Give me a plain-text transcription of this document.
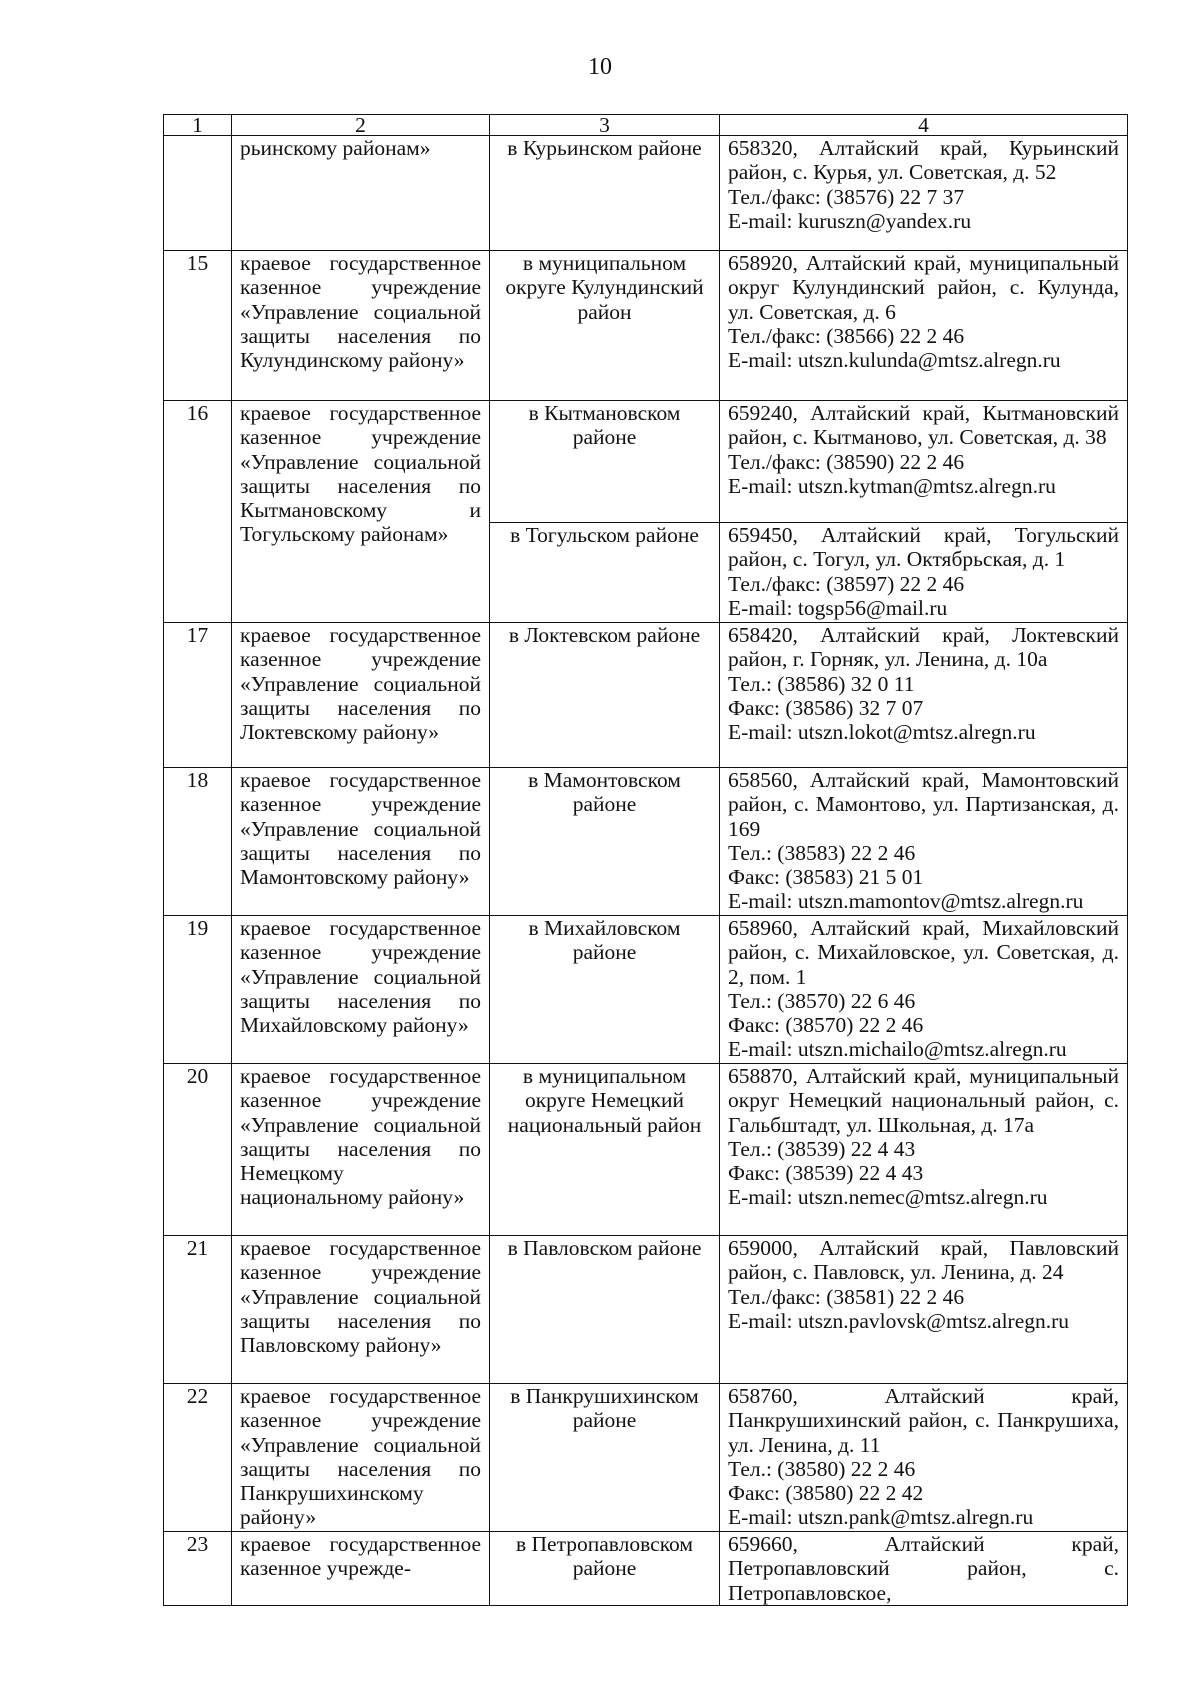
10
1	2	3	4
	рьинскому районам»	в Курьинском районе	658320, Алтайский край, Курьинский район, с. Курья, ул. Советская, д. 52
Тел./факс: (38576) 22 7 37
E-mail: kuruszn@yandex.ru

15	краевое государственное казенное учреждение «Управление социальной защиты населения по Кулундинскому району»	в муниципальном округе Кулундинский район	658920, Алтайский край, муниципальный округ Кулундинский район, с. Кулунда, ул. Советская, д. 6
Тел./факс: (38566) 22 2 46
E-mail: utszn.kulunda@mtsz.alregn.ru

16	краевое государственное казенное учреждение «Управление социальной защиты населения по Кытмановскому и Тогульскому районам»	в Кытмановском районе	659240, Алтайский край, Кытмановский район, с. Кытманово, ул. Советская, д. 38
Тел./факс: (38590) 22 2 46
E-mail: utszn.kytman@mtsz.alregn.ru

		в Тогульском районе	659450, Алтайский край, Тогульский район, с. Тогул, ул. Октябрьская, д. 1
Тел./факс: (38597) 22 2 46
E-mail: togsp56@mail.ru

17	краевое государственное казенное учреждение «Управление социальной защиты населения по Локтевскому району»	в Локтевском районе	658420, Алтайский край, Локтевский район, г. Горняк, ул. Ленина, д. 10а
Тел.: (38586) 32 0 11
Факс: (38586) 32 7 07
E-mail: utszn.lokot@mtsz.alregn.ru

18	краевое государственное казенное учреждение «Управление социальной защиты населения по Мамонтовскому району»	в Мамонтовском районе	658560, Алтайский край, Мамонтовский район, с. Мамонтово, ул. Партизанская, д. 169
Тел.: (38583) 22 2 46
Факс: (38583) 21 5 01
E-mail: utszn.mamontov@mtsz.alregn.ru

19	краевое государственное казенное учреждение «Управление социальной защиты населения по Михайловскому району»	в Михайловском районе	658960, Алтайский край, Михайловский район, с. Михайловское, ул. Советская, д. 2, пом. 1
Тел.: (38570) 22 6 46
Факс: (38570) 22 2 46
E-mail: utszn.michailo@mtsz.alregn.ru

20	краевое государственное казенное учреждение «Управление социальной защиты населения по Немецкому национальному району»	в муниципальном округе Немецкий национальный район	658870, Алтайский край, муниципальный округ Немецкий национальный район, с. Гальбштадт, ул. Школьная, д. 17а
Тел.: (38539) 22 4 43
Факс: (38539) 22 4 43
E-mail: utszn.nemec@mtsz.alregn.ru

21	краевое государственное казенное учреждение «Управление социальной защиты населения по Павловскому району»	в Павловском районе	659000, Алтайский край, Павловский район, с. Павловск, ул. Ленина, д. 24
Тел./факс: (38581) 22 2 46
E-mail: utszn.pavlovsk@mtsz.alregn.ru

22	краевое государственное казенное учреждение «Управление социальной защиты населения по Панкрушихинскому району»	в Панкрушихинском районе	658760, Алтайский край, Панкрушихинский район, с. Панкрушиха, ул. Ленина, д. 11
Тел.: (38580) 22 2 46
Факс: (38580) 22 2 42
E-mail: utszn.pank@mtsz.alregn.ru

23	краевое государственное казенное учрежде-	в Петропавловском районе	659660, Алтайский край, Петропавловский район, с. Петропавловское,
